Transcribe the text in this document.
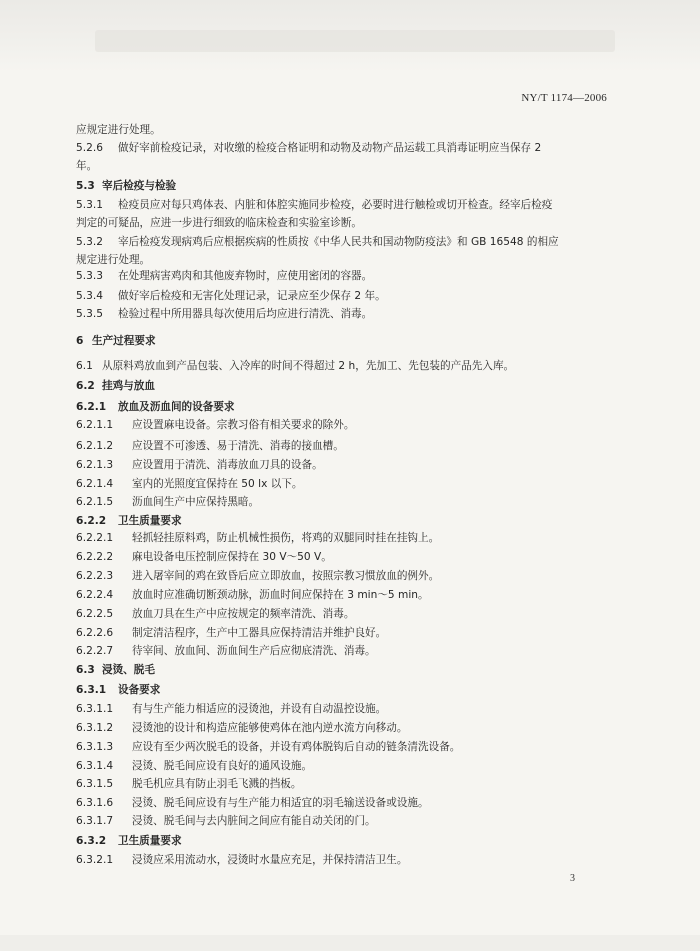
NY/T 1174—2006
应规定进行处理。
5.2.6 做好宰前检疫记录，对收缴的检疫合格证明和动物及动物产品运载工具消毒证明应当保存 2
年。
5.3 宰后检疫与检验
5.3.1 检疫员应对每只鸡体表、内脏和体腔实施同步检疫，必要时进行触检或切开检查。经宰后检疫
判定的可疑品，应进一步进行细致的临床检查和实验室诊断。
5.3.2 宰后检疫发现病鸡后应根据疾病的性质按《中华人民共和国动物防疫法》和 GB 16548 的相应
规定进行处理。
5.3.3 在处理病害鸡肉和其他废弃物时，应使用密闭的容器。
5.3.4 做好宰后检疫和无害化处理记录，记录应至少保存 2 年。
5.3.5 检验过程中所用器具每次使用后均应进行清洗、消毒。
6 生产过程要求
6.1 从原料鸡放血到产品包装、入冷库的时间不得超过 2 h，先加工、先包装的产品先入库。
6.2 挂鸡与放血
6.2.1 放血及沥血间的设备要求
6.2.1.1 应设置麻电设备。宗教习俗有相关要求的除外。
6.2.1.2 应设置不可渗透、易于清洗、消毒的接血槽。
6.2.1.3 应设置用于清洗、消毒放血刀具的设备。
6.2.1.4 室内的光照度宜保持在 50 lx 以下。
6.2.1.5 沥血间生产中应保持黑暗。
6.2.2 卫生质量要求
6.2.2.1 轻抓轻挂原料鸡，防止机械性损伤，将鸡的双腿同时挂在挂钩上。
6.2.2.2 麻电设备电压控制应保持在 30 V～50 V。
6.2.2.3 进入屠宰间的鸡在致昏后应立即放血，按照宗教习惯放血的例外。
6.2.2.4 放血时应准确切断颈动脉，沥血时间应保持在 3 min～5 min。
6.2.2.5 放血刀具在生产中应按规定的频率清洗、消毒。
6.2.2.6 制定清洁程序，生产中工器具应保持清洁并维护良好。
6.2.2.7 待宰间、放血间、沥血间生产后应彻底清洗、消毒。
6.3 浸烫、脱毛
6.3.1 设备要求
6.3.1.1 有与生产能力相适应的浸烫池，并设有自动温控设施。
6.3.1.2 浸烫池的设计和构造应能够使鸡体在池内逆水流方向移动。
6.3.1.3 应设有至少两次脱毛的设备，并设有鸡体脱钩后自动的链条清洗设备。
6.3.1.4 浸烫、脱毛间应设有良好的通风设施。
6.3.1.5 脱毛机应具有防止羽毛飞溅的挡板。
6.3.1.6 浸烫、脱毛间应设有与生产能力相适宜的羽毛输送设备或设施。
6.3.1.7 浸烫、脱毛间与去内脏间之间应有能自动关闭的门。
6.3.2 卫生质量要求
6.3.2.1 浸烫应采用流动水，浸烫时水量应充足，并保持清洁卫生。
3
